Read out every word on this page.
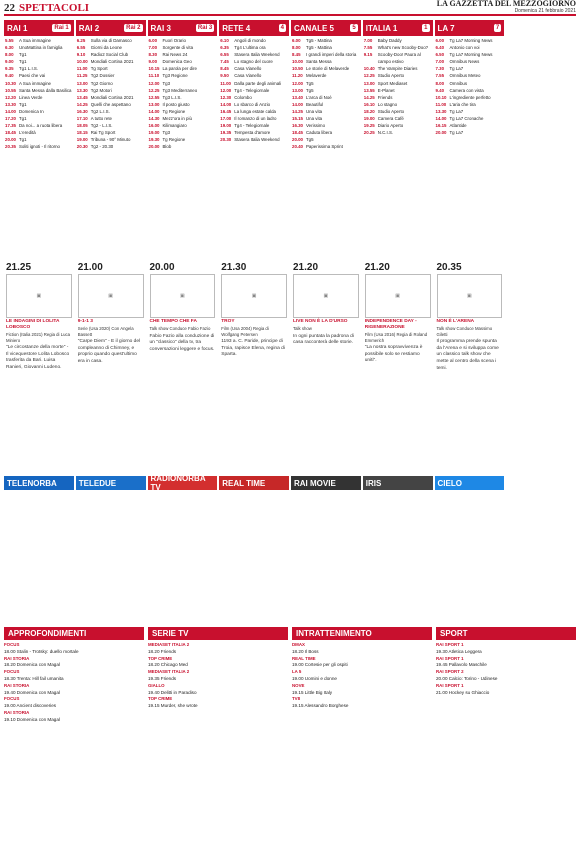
22 SPETTACOLI	LA GAZZETTA DEL MEZZOGIORNO
Domenica 21 febbraio 2021
RAI 1	Rai 1
5.55	A Sua immagine
6.30	UnoMattina in famiglia
8.00	Tg1
9.00	Tg1
9.35	Tg1 L.I.S.
9.40	Paesi che vai
10.30 A Sua immagine
10.55 Santa Messa dalla Basilica
12.20 Linea Verde
13.30 Tg1
14.00 Domenica In
17.20 Tg1
17.35 Da noi... a ruota libera
18.45 L'eredità
20.00 Tg1
20.35 Soliti ignoti - Il ritorno
RAI 2	Rai 2
6.25	Sulla via di Damasco
6.55	Giorni da Leone
9.10	Radio2 Social Club
10.00 Mondiali Cortina 2021
11.00 Tg Sport
11.25 Tg2 Dossier
13.00 Tg2 Giorno
13.30 Tg2 Motori
13.45 Mondiali Cortina 2021
14.25 Quelli che aspettano
16.30 Tg2 L.I.S.
17.10 A tutto rete
18.05 Tg2 - L.I.S.
18.15 Rai Tg Sport
19.00 Tribuna - 90° Minuto
20.30 Tg2 - 20.30
RAI 3	Rai 3
6.00	Fuori Orario
7.00	Sorgente di vita
8.30	Rai News 24
9.00	Domenica Geo
10.15 La parola per dire
11.10 Tg3 Regione
12.00 Tg3
12.25 Tg3 Mediterraneo
12.55 Tg3 L.I.S.
13.00 Il posto giusto
14.00 Tg Regione
14.30 Mezz'ora in più
16.00 Kilimangiaro
19.00 Tg3
19.30 Tg Regione
20.00 Blob
RETE 4	4
6.10	Angoli di mondo
6.35	Tg4 L'ultima ora
6.55	Stasera Italia Weekend
7.45	Lo stagno del cuore
8.45	Casa Vianello
9.50	Casa Vianello
11.00 Dalla parte degli animali
12.00 Tg4 - Telegiornale
12.30 Colombo
14.00 Lo sbarco di Anzio
16.45 La lunga estate calda
17.00 Il romanzo di un ladro
19.00 Tg4 - Telegiornale
19.35 Tempesta d'amore
20.30 Stasera Italia Weekend
CANALE 5	5
6.00	Tg5 - Mattina
8.00	Tg5 - Mattina
8.45	I grandi imperi della storia
10.00 Santa Messa
10.50 Le storie di Melaverde
11.20 Melaverde
12.00 Tg5
13.00 Tg5
13.40 L'arca di Noè
14.00 Beautiful
14.25 Una vita
15.15 Una vita
16.30 Verissimo
18.45 Caduta libera
20.00 Tg5
20.40 Paperissima Sprint
ITALIA 1	1
7.00	Baby Daddy
7.55	What's new Scooby-Doo?
9.15	Scooby-Doo! Paura al campo estivo
10.40 The Vampire Diaries
12.25 Studio Aperto
13.00 Sport Mediaset
13.55 E-Planet
14.25 Friends
16.10 Lo stagno
18.20 Studio Aperto
19.00 Camera Café
19.25 Diario Aperto
20.25 N.C.I.S.
LA 7	7
6.00	Tg La7 Morning News
6.40	Antonio con voi
6.50	Tg La7 Morning News
7.00	Omnibus News
7.30	Tg La7
7.55	Omnibus Meteo
8.00	Omnibus
9.40	Camera con vista
10.10 L'ingrediente perfetto
11.00 L'aria che tira
13.30 Tg La7
14.00 Tg La7 Cronache
16.15 Atlantide
20.00 Tg La7
21.25
▣
LE INDAGINI DI LOLITA LOBOSCO
Fiction (Italia 2021) Regia di Luca Miniero
"Le circostanze della morte" - Il vicequestore Lolita Lobosco trasferita da Bari. Luisa Ranieri, Giovanni Ludeno.
21.00
▣
9-1-1 3
Serie (Usa 2020) Con Angela Bassett
"Carpe Diem" - E il giorno del compleanno di Chimney, e proprio quando quest'ultimo era in casa.
20.00
▣
CHE TEMPO CHE FA
Talk show Conduce Fabio Fazio
Fabio Fazio alla conduzione di un "classico" della tv, tra conversazioni leggere e focus.
21.30
▣
TROY
Film (Usa 2004) Regia di Wolfgang Petersen
1193 a. C. Paride, principe di Troia, rapisce Elena, regina di Sparta.
21.20
▣
LIVE NON È LA D'URSO
Talk show
In ogni puntata la padrona di casa racconterà delle storie.
21.20
▣
INDEPENDENCE DAY - RIGENERAZIONE
Film (Usa 2016) Regia di Roland Emmerich
"La nostra sopravvivenza è possibile solo se restiamo uniti".
20.35
▣
NON È L'ARENA
Talk show Conduce Massimo Giletti
Il programma prende spunta da l'Arena e si sviluppa come un classico talk show che mette al centro della scena i temi.
TELENORBA	TELEDUE	RADIONORBA TV	REAL TIME	RAI MOVIE	IRIS	CIELO
APPROFONDIMENTI	SERIE TV	INTRATTENIMENTO	SPORT
FOCUS
18.00 Stalin - Trotsky: duello mortale
RAI STORIA
18.20 Domenica con Magal
FOCUS
18.30 Trenta: Hill fail umanita
RAI STORIA
19.40 Domenica con Magal
FOCUS
19.00 Ancient discoveries
RAI STORIA
19.10 Domenica con Magal
MEDIASET ITALIA 2
18.20 Friends
TOP CRIME
18.20 Chicago Med
MEDIASET ITALIA 2
19.35 Friends
GIALLO
19.40 Delitti in Paradiso
TOP CRIME
19.15 Murder, she wrote
DMAX
18.20 Il Boss
REAL TIME
19.00 Cortesie per gli ospiti
LA 5
19.00 Uomini e donne
NOVE
19.15 Little Big Italy
TV8
19.15 Alessandro Borghese
RAI SPORT 1
19.30 Atletica Leggera
RAI SPORT 1
19.45 Pallavolo Maschile
RAI SPORT 2
20.00 Calcio: Torino - Udinese
RAI SPORT 1
21.00 Hockey su Ghiaccio
